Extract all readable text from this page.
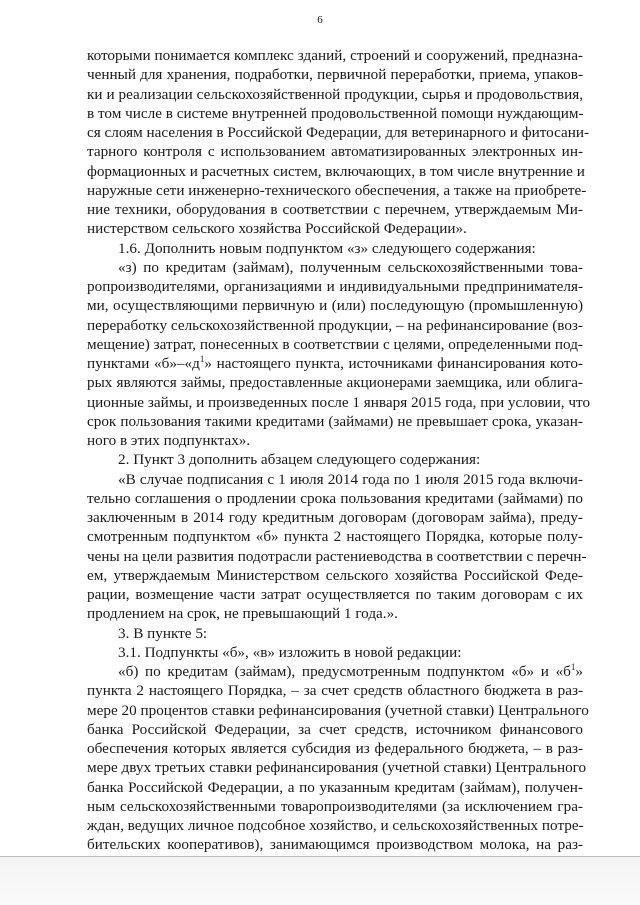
6
которыми понимается комплекс зданий, строений и сооружений, предназна-
ченный для хранения, подработки, первичной переработки, приема, упаков-
ки и реализации сельскохозяйственной продукции, сырья и продовольствия,
в том числе в системе внутренней продовольственной помощи нуждающим-
ся слоям населения в Российской Федерации, для ветеринарного и фитосани-
тарного контроля с использованием автоматизированных электронных ин-
формационных и расчетных систем, включающих, в том числе внутренние и
наружные сети инженерно-технического обеспечения, а также на приобрете-
ние техники, оборудования в соответствии с перечнем, утверждаемым Ми-
нистерством сельского хозяйства Российской Федерации».
1.6. Дополнить новым подпунктом «з» следующего содержания:
«з) по кредитам (займам), полученным сельскохозяйственными това-
ропроизводителями, организациями и индивидуальными предпринимателя-
ми, осуществляющими первичную и (или) последующую (промышленную)
переработку сельскохозяйственной продукции, – на рефинансирование (воз-
мещение) затрат, понесенных в соответствии с целями, определенными под-
пунктами «$б»-«д^1$» настоящего пункта, источниками финансирования кото-
рых являются займы, предоставленные акционерами заемщика, или облига-
ционные займы, и произведенных после 1 января 2015 года, при условии, что
срок пользования такими кредитами (займами) не превышает срока, указан-
ного в этих подпунктах».
2. Пункт 3 дополнить абзацем следующего содержания:
«В случае подписания с 1 июля 2014 года по 1 июля 2015 года включи-
тельно соглашения о продлении срока пользования кредитами (займами) по
заключенным в 2014 году кредитным договорам (договорам займа), преду-
смотренным подпунктом «б» пункта 2 настоящего Порядка, которые полу-
чены на цели развития подотрасли растениеводства в соответствии с перечн-
ем, утверждаемым Министерством сельского хозяйства Российской Феде-
рации, возмещение части затрат осуществляется по таким договорам с их
продлением на срок, не превышающий 1 года.».
3. В пункте 5:
3.1. Подпункты «б», «в» изложить в новой редакции:
«б) по кредитам (займам), предусмотренным подпунктом «б» и «$б^1$»
пункта 2 настоящего Порядка, – за счет средств областного бюджета в раз-
мере 20 процентов ставки рефинансирования (учетной ставки) Центрального
банка Российской Федерации, за счет средств, источником финансового
обеспечения которых является субсидия из федерального бюджета, – в раз-
мере двух третьих ставки рефинансирования (учетной ставки) Центрального
банка Российской Федерации, а по указанным кредитам (займам), получен-
ным сельскохозяйственными товаропроизводителями (за исключением гра-
ждан, ведущих личное подсобное хозяйство, и сельскохозяйственных потре-
бительских кооперативов), занимающимся производством молока, на раз-
